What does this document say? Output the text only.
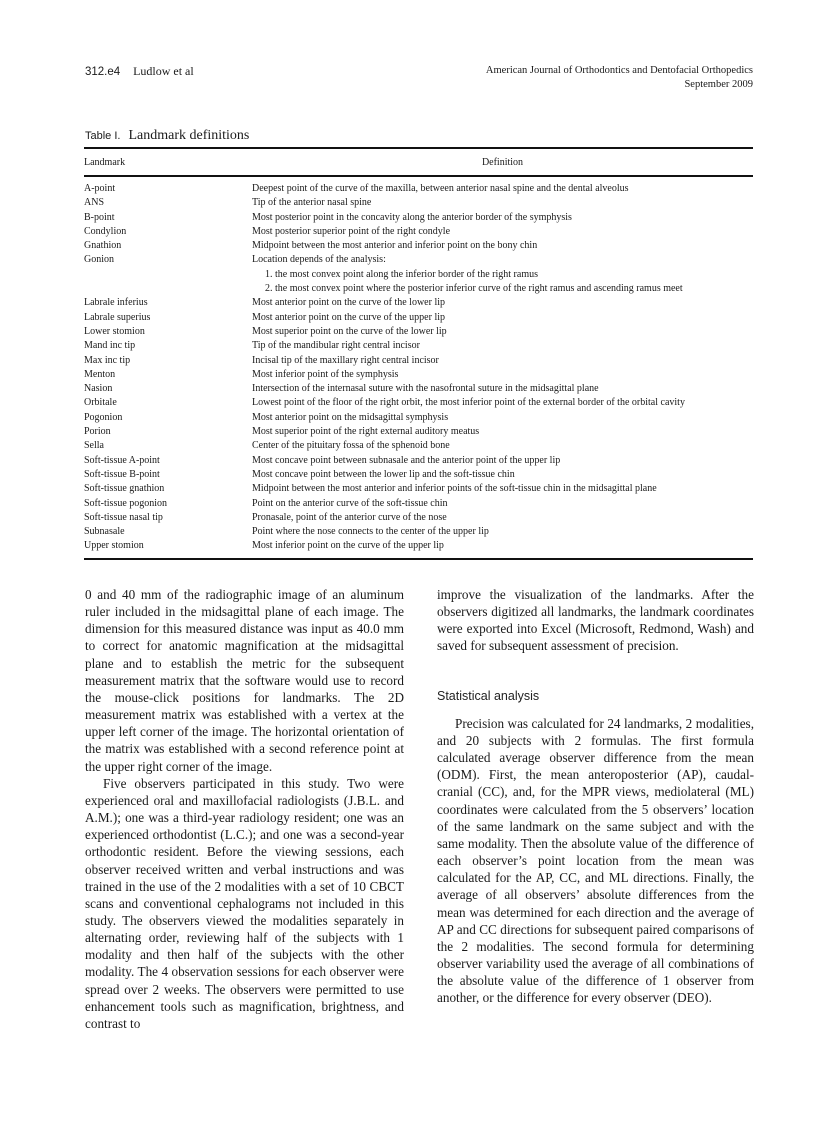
312.e4 Ludlow et al	American Journal of Orthodontics and Dentofacial Orthopedics
September 2009
Table I. Landmark definitions
Landmark	Definition
A-point	Deepest point of the curve of the maxilla, between anterior nasal spine and the dental alveolus
ANS	Tip of the anterior nasal spine
B-point	Most posterior point in the concavity along the anterior border of the symphysis
Condylion	Most posterior superior point of the right condyle
Gnathion	Midpoint between the most anterior and inferior point on the bony chin
Gonion	Location depends of the analysis:
1. the most convex point along the inferior border of the right ramus
2. the most convex point where the posterior inferior curve of the right ramus and ascending ramus meet
Labrale inferius	Most anterior point on the curve of the lower lip
Labrale superius	Most anterior point on the curve of the upper lip
Lower stomion	Most superior point on the curve of the lower lip
Mand inc tip	Tip of the mandibular right central incisor
Max inc tip	Incisal tip of the maxillary right central incisor
Menton	Most inferior point of the symphysis
Nasion	Intersection of the internasal suture with the nasofrontal suture in the midsagittal plane
Orbitale	Lowest point of the floor of the right orbit, the most inferior point of the external border of the orbital cavity
Pogonion	Most anterior point on the midsagittal symphysis
Porion	Most superior point of the right external auditory meatus
Sella	Center of the pituitary fossa of the sphenoid bone
Soft-tissue A-point	Most concave point between subnasale and the anterior point of the upper lip
Soft-tissue B-point	Most concave point between the lower lip and the soft-tissue chin
Soft-tissue gnathion	Midpoint between the most anterior and inferior points of the soft-tissue chin in the midsagittal plane
Soft-tissue pogonion	Point on the anterior curve of the soft-tissue chin
Soft-tissue nasal tip	Pronasale, point of the anterior curve of the nose
Subnasale	Point where the nose connects to the center of the upper lip
Upper stomion	Most inferior point on the curve of the upper lip

0 and 40 mm of the radiographic image of an aluminum ruler included in the midsagittal plane of each image. The dimension for this measured distance was input as 40.0 mm to correct for anatomic magnification at the midsagittal plane and to establish the metric for the subsequent measurement matrix that the software would use to record the mouse-click positions for landmarks. The 2D measurement matrix was established with a vertex at the upper left corner of the image. The horizontal orientation of the matrix was established with a second reference point at the upper right corner of the image.

Five observers participated in this study. Two were experienced oral and maxillofacial radiologists (J.B.L. and A.M.); one was a third-year radiology resident; one was an experienced orthodontist (L.C.); and one was a second-year orthodontic resident. Before the viewing sessions, each observer received written and verbal instructions and was trained in the use of the 2 modalities with a set of 10 CBCT scans and conventional cephalograms not included in this study. The observers viewed the modalities separately in alternating order, reviewing half of the subjects with 1 modality and then half of the subjects with the other modality. The 4 observation sessions for each observer were spread over 2 weeks. The observers were permitted to use enhancement tools such as magnification, brightness, and contrast to

improve the visualization of the landmarks. After the observers digitized all landmarks, the landmark coordinates were exported into Excel (Microsoft, Redmond, Wash) and saved for subsequent assessment of precision.

Statistical analysis

Precision was calculated for 24 landmarks, 2 modalities, and 20 subjects with 2 formulas. The first formula calculated average observer difference from the mean (ODM). First, the mean anteroposterior (AP), caudal-cranial (CC), and, for the MPR views, mediolateral (ML) coordinates were calculated from the 5 observers’ location of the same landmark on the same subject and with the same modality. Then the absolute value of the difference of each observer’s point location from the mean was calculated for the AP, CC, and ML directions. Finally, the average of all observers’ absolute differences from the mean was determined for each direction and the average of AP and CC directions for subsequent paired comparisons of the 2 modalities. The second formula for determining observer variability used the average of all combinations of the absolute value of the difference of 1 observer from another, or the difference for every observer (DEO).
